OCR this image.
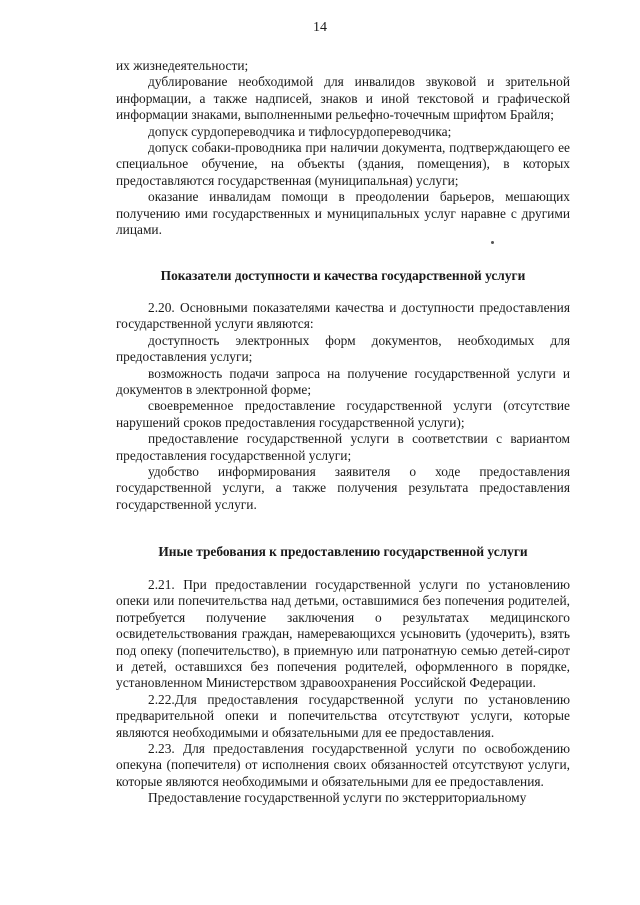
14

их жизнедеятельности;

дублирование необходимой для инвалидов звуковой и зрительной информации, а также надписей, знаков и иной текстовой и графической информации знаками, выполненными рельефно-точечным шрифтом Брайля;

допуск сурдопереводчика и тифлосурдопереводчика;

допуск собаки-проводника при наличии документа, подтверждающего ее специальное обучение, на объекты (здания, помещения), в которых предоставляются государственная (муниципальная) услуги;

оказание инвалидам помощи в преодолении барьеров, мешающих получению ими государственных и муниципальных услуг наравне с другими лицами.

Показатели доступности и качества государственной услуги

2.20. Основными показателями качества и доступности предоставления государственной услуги являются:

доступность электронных форм документов, необходимых для предоставления услуги;

возможность подачи запроса на получение государственной услуги и документов в электронной форме;

своевременное предоставление государственной услуги (отсутствие нарушений сроков предоставления государственной услуги);

предоставление государственной услуги в соответствии с вариантом предоставления государственной услуги;

удобство информирования заявителя о ходе предоставления государственной услуги, а также получения результата предоставления государственной услуги.

Иные требования к предоставлению государственной услуги

2.21. При предоставлении государственной услуги по установлению опеки или попечительства над детьми, оставшимися без попечения родителей, потребуется получение заключения о результатах медицинского освидетельствования граждан, намеревающихся усыновить (удочерить), взять под опеку (попечительство), в приемную или патронатную семью детей-сирот и детей, оставшихся без попечения родителей, оформленного в порядке, установленном Министерством здравоохранения Российской Федерации.

2.22.Для предоставления государственной услуги по установлению предварительной опеки и попечительства отсутствуют услуги, которые являются необходимыми и обязательными для ее предоставления.

2.23. Для предоставления государственной услуги по освобождению опекуна (попечителя) от исполнения своих обязанностей отсутствуют услуги, которые являются необходимыми и обязательными для ее предоставления.

Предоставление государственной услуги по экстерриториальному
